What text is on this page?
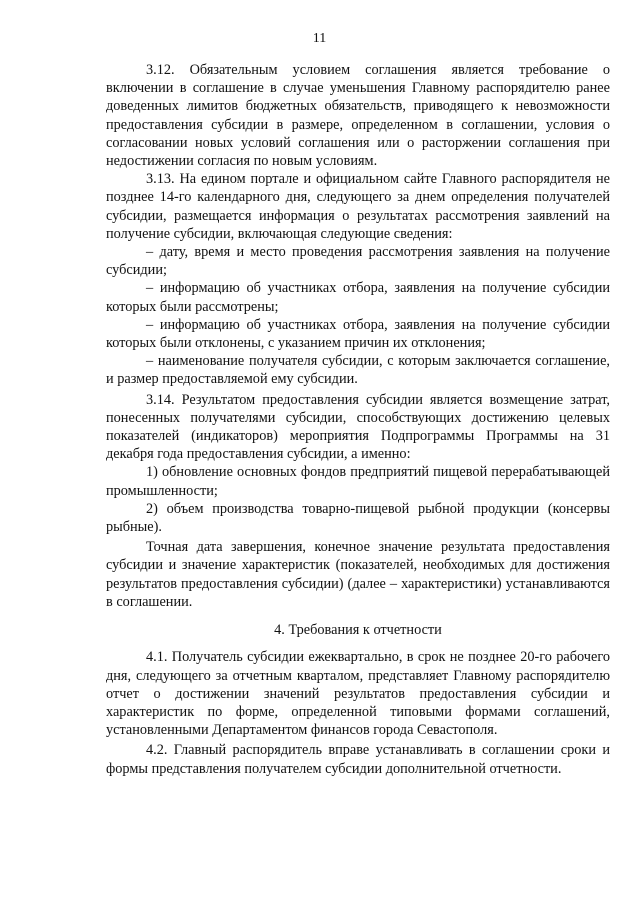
11

3.12. Обязательным условием соглашения является требование о включении в соглашение в случае уменьшения Главному распорядителю ранее доведенных лимитов бюджетных обязательств, приводящего к невозможности предоставления субсидии в размере, определенном в соглашении, условия о согласовании новых условий соглашения или о расторжении соглашения при недостижении согласия по новым условиям.

3.13. На едином портале и официальном сайте Главного распорядителя не позднее 14-го календарного дня, следующего за днем определения получателей субсидии, размещается информация о результатах рассмотрения заявлений на получение субсидии, включающая следующие сведения:

– дату, время и место проведения рассмотрения заявления на получение субсидии;

– информацию об участниках отбора, заявления на получение субсидии которых были рассмотрены;

– информацию об участниках отбора, заявления на получение субсидии которых были отклонены, с указанием причин их отклонения;

– наименование получателя субсидии, с которым заключается соглашение, и размер предоставляемой ему субсидии.

3.14. Результатом предоставления субсидии является возмещение затрат, понесенных получателями субсидии, способствующих достижению целевых показателей (индикаторов) мероприятия Подпрограммы Программы на 31 декабря года предоставления субсидии, а именно:

1) обновление основных фондов предприятий пищевой перерабатывающей промышленности;

2) объем производства товарно-пищевой рыбной продукции (консервы рыбные).

Точная дата завершения, конечное значение результата предоставления субсидии и значение характеристик (показателей, необходимых для достижения результатов предоставления субсидии) (далее – характеристики) устанавливаются в соглашении.

4. Требования к отчетности

4.1. Получатель субсидии ежеквартально, в срок не позднее 20-го рабочего дня, следующего за отчетным кварталом, представляет Главному распорядителю отчет о достижении значений результатов предоставления субсидии и характеристик по форме, определенной типовыми формами соглашений, установленными Департаментом финансов города Севастополя.

4.2. Главный распорядитель вправе устанавливать в соглашении сроки и формы представления получателем субсидии дополнительной отчетности.
